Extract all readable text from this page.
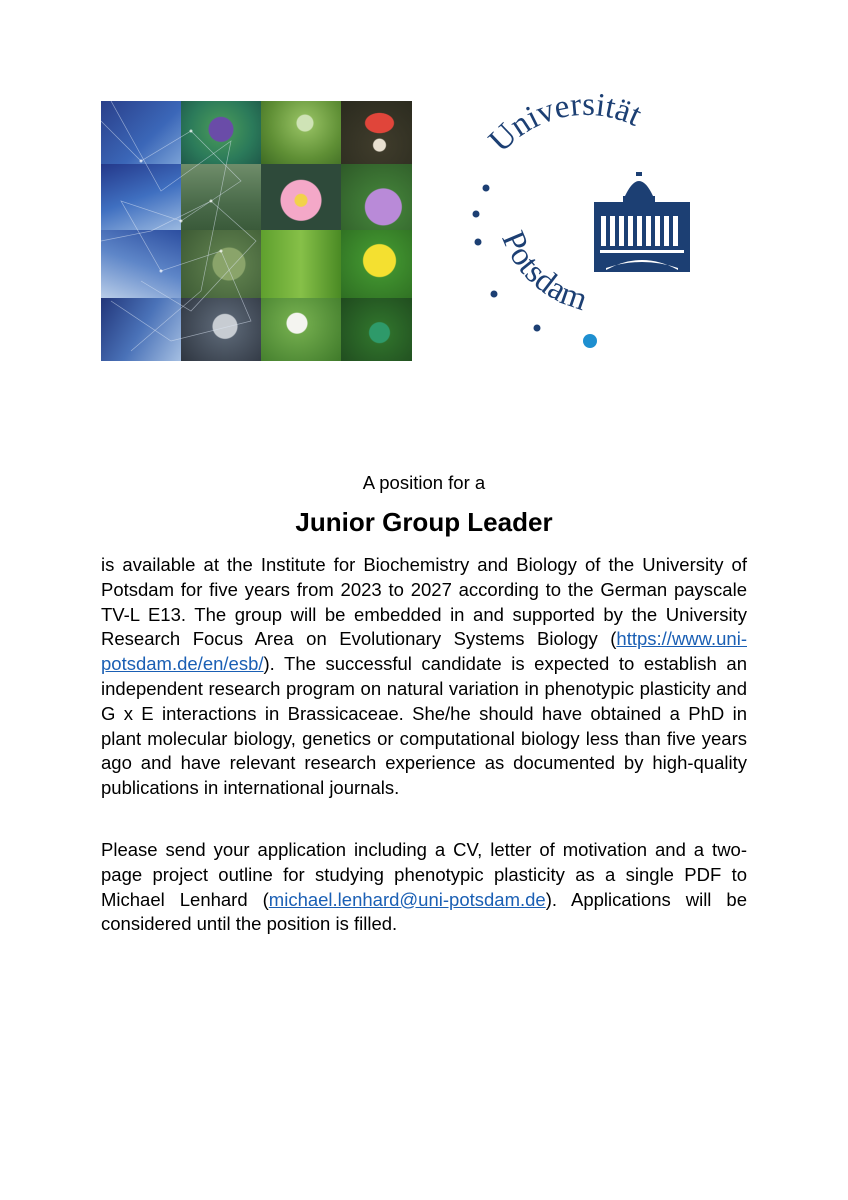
Universität
Potsdam
A position for a
Junior Group Leader

is available at the Institute for Biochemistry and Biology of the University of Potsdam for five years from 2023 to 2027 according to the German payscale TV-L E13. The group will be embedded in and supported by the University Research Focus Area on Evolutionary Systems Biology (https://www.uni-potsdam.de/en/esb/). The successful candidate is expected to establish an independent research program on natural variation in phenotypic plasticity and G x E interactions in Brassicaceae. She/he should have obtained a PhD in plant molecular biology, genetics or computational biology less than five years ago and have relevant research experience as documented by high-quality publications in international journals.

Please send your application including a CV, letter of motivation and a two-page project outline for studying phenotypic plasticity as a single PDF to Michael Lenhard (michael.lenhard@uni-potsdam.de). Applications will be considered until the position is filled.
